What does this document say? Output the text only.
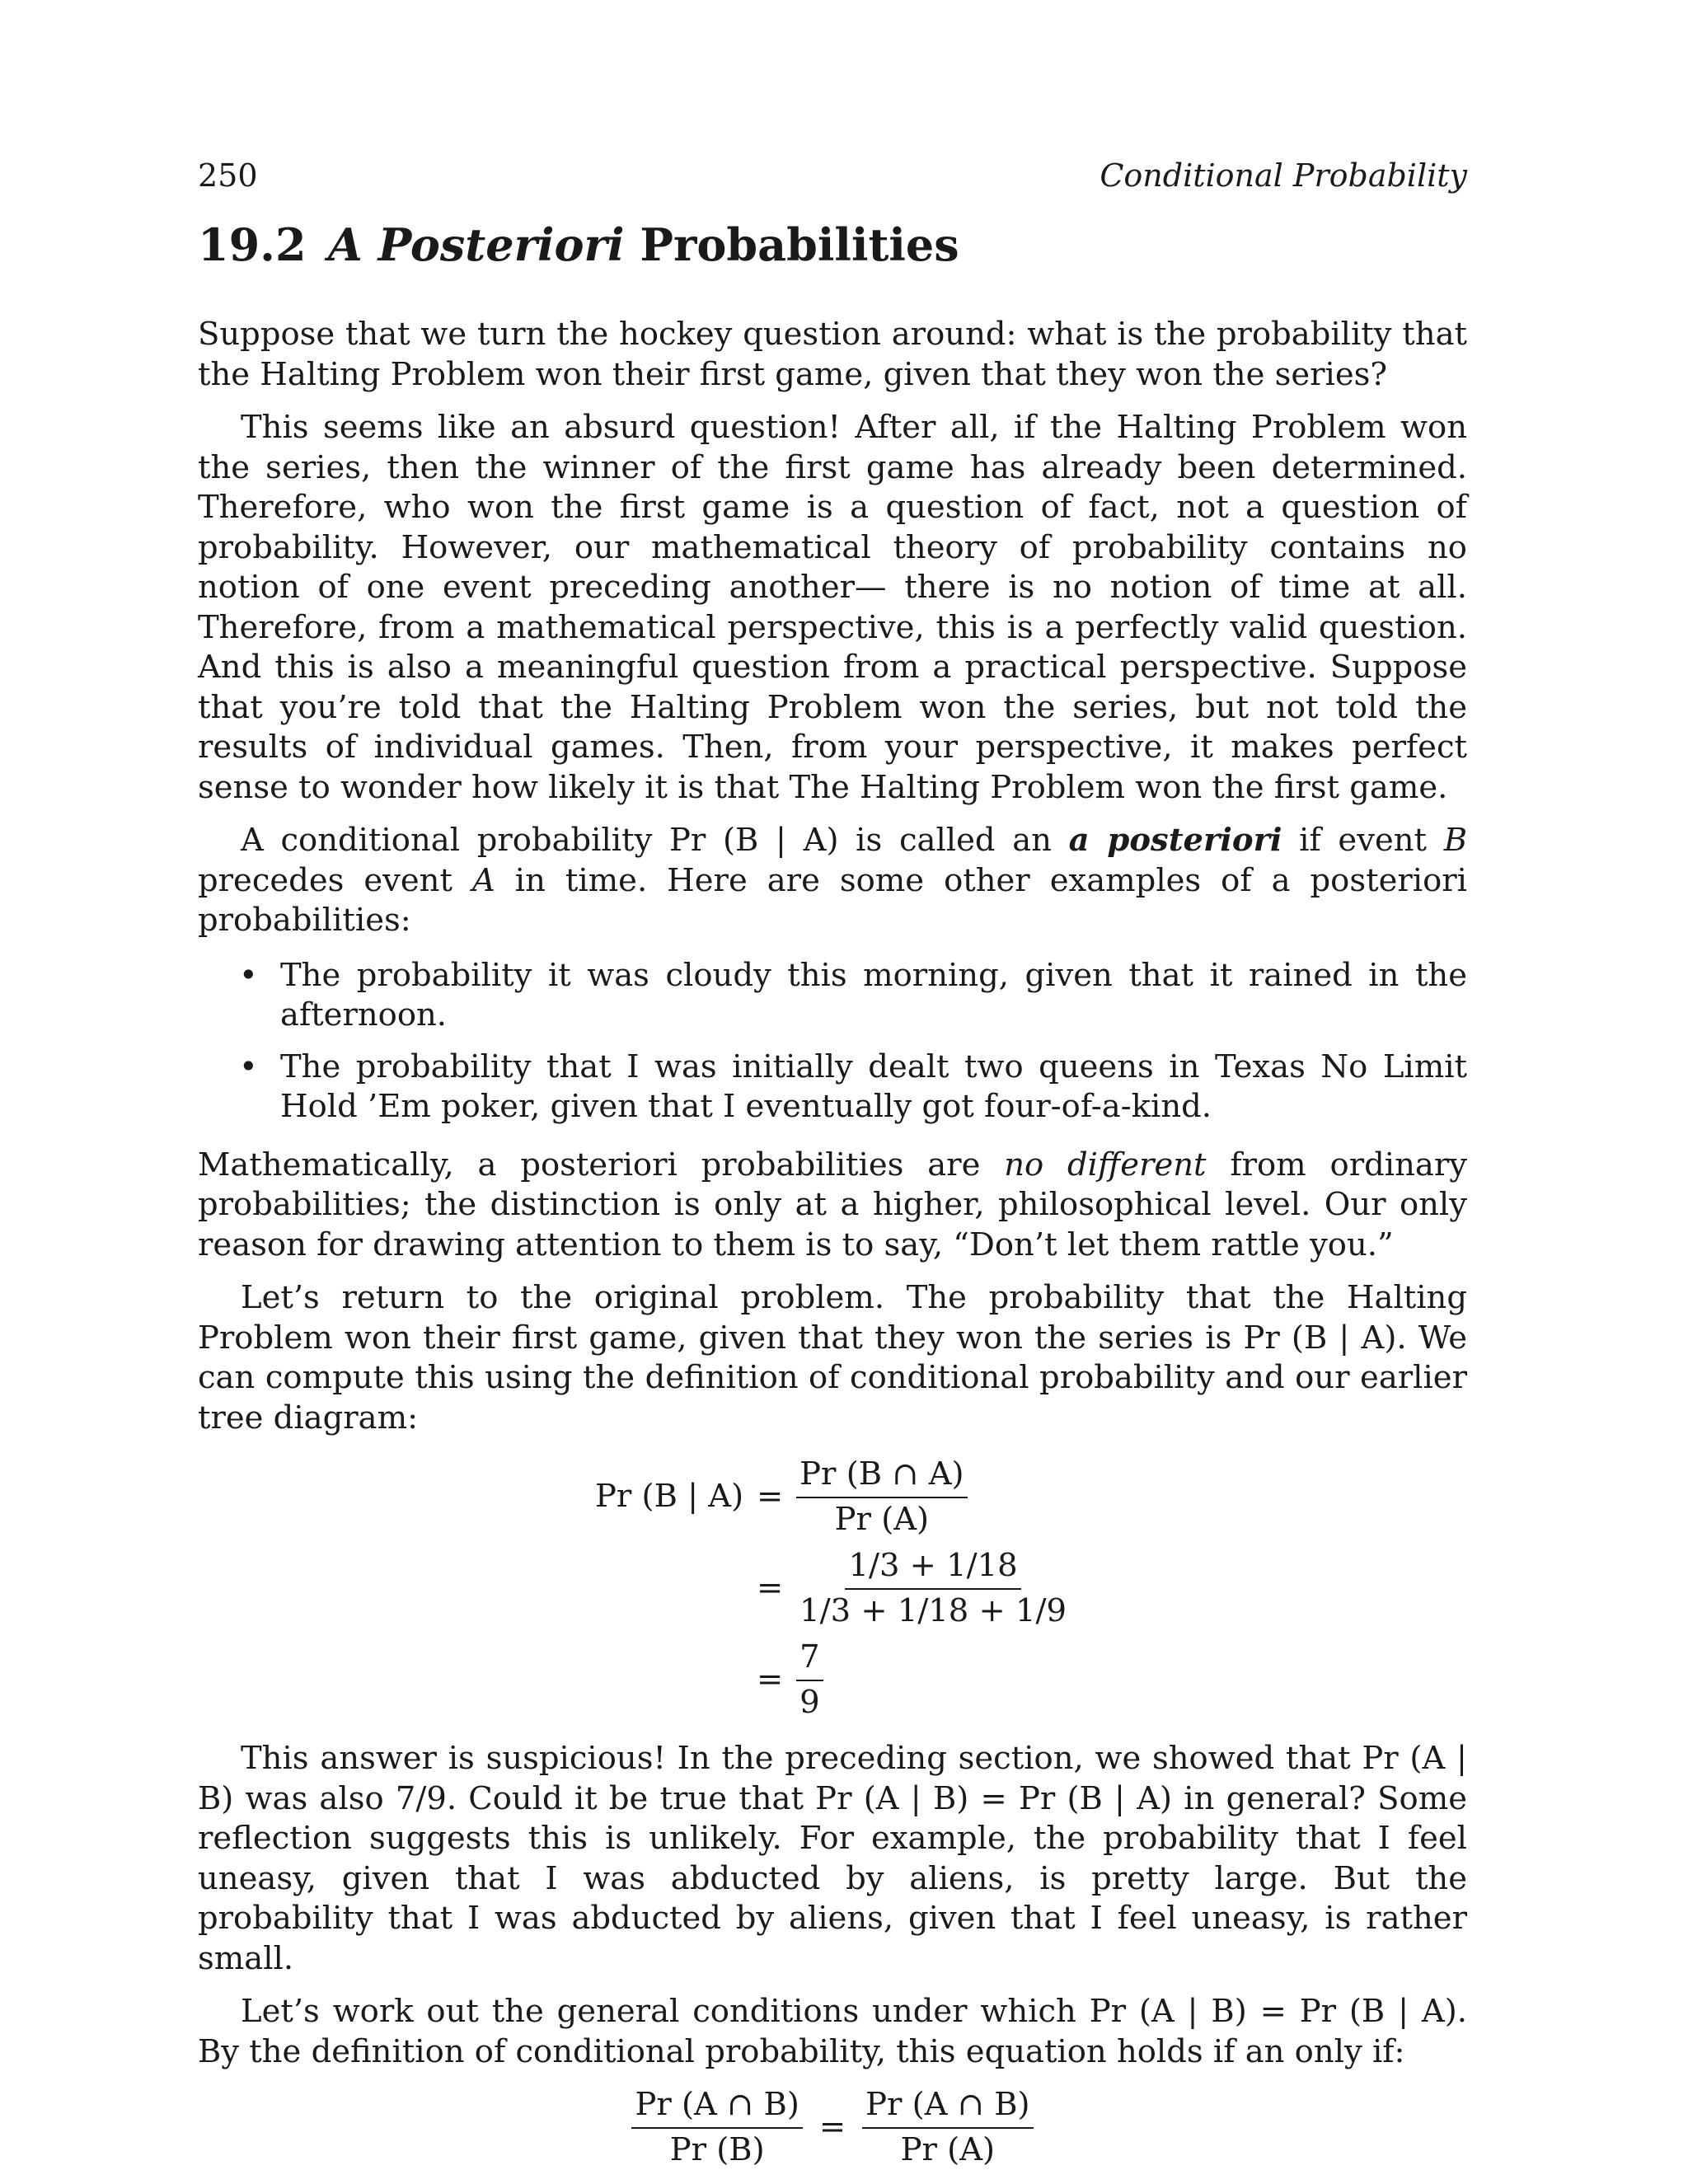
250	Conditional Probability
19.2 A Posteriori Probabilities

Suppose that we turn the hockey question around: what is the probability that the Halting Problem won their first game, given that they won the series?

This seems like an absurd question! After all, if the Halting Problem won the series, then the winner of the first game has already been determined. Therefore, who won the first game is a question of fact, not a question of probability. However, our mathematical theory of probability contains no notion of one event preceding another— there is no notion of time at all. Therefore, from a mathematical perspective, this is a perfectly valid question. And this is also a meaningful question from a practical perspective. Suppose that you’re told that the Halting Problem won the series, but not told the results of individual games. Then, from your perspective, it makes perfect sense to wonder how likely it is that The Halting Problem won the first game.

A conditional probability Pr (B | A) is called an a posteriori if event B precedes event A in time. Here are some other examples of a posteriori probabilities:

• The probability it was cloudy this morning, given that it rained in the afternoon.
• The probability that I was initially dealt two queens in Texas No Limit Hold ’Em poker, given that I eventually got four-of-a-kind.

Mathematically, a posteriori probabilities are no different from ordinary probabilities; the distinction is only at a higher, philosophical level. Our only reason for drawing attention to them is to say, “Don’t let them rattle you.”

Let’s return to the original problem. The probability that the Halting Problem won their first game, given that they won the series is Pr (B | A). We can compute this using the definition of conditional probability and our earlier tree diagram:

Pr (B | A)	=	$\frac{Pr (B \cap A)}{Pr (A)}$

	=	$\frac{1/3 + 1/18}{1/3 + 1/18 + 1/9}$

	=	$\frac{7}{9}$

This answer is suspicious! In the preceding section, we showed that Pr (A | B) was also 7/9. Could it be true that Pr (A | B) = Pr (B | A) in general? Some reflection suggests this is unlikely. For example, the probability that I feel uneasy, given that I was abducted by aliens, is pretty large. But the probability that I was abducted by aliens, given that I feel uneasy, is rather small.

Let’s work out the general conditions under which Pr (A | B) = Pr (B | A). By the definition of conditional probability, this equation holds if an only if:

$\frac{Pr (A \cap B)}{Pr (B)} = \frac{Pr (A \cap B)}{Pr (A)}$
